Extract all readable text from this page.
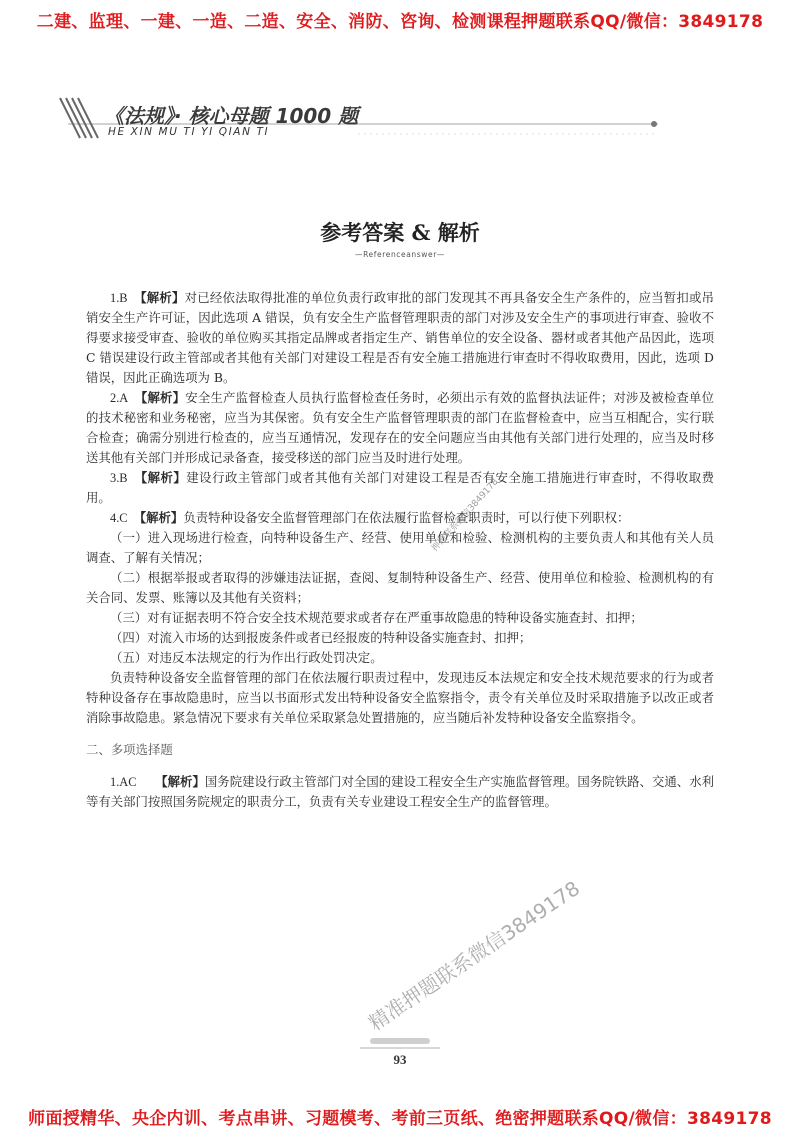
二建、监理、一建、一造、二造、安全、消防、咨询、检测课程押题联系QQ/微信：3849178
《法规》· 核心母题 1000 题
HE XIN MU TI YI QIAN TI
参考答案 & 解析
—Referenceanswer—

1.B　 【解析】对已经依法取得批准的单位负责行政审批的部门发现其不再具备安全生产条件的，应当暂扣或吊销安全生产许可证，因此选项 A 错误，负有安全生产监督管理职责的部门对涉及安全生产的事项进行审查、验收不得要求接受审查、验收的单位购买其指定品牌或者指定生产、销售单位的安全设备、器材或者其他产品因此，选项 C 错误建设行政主管部或者其他有关部门对建设工程是否有安全施工措施进行审查时不得收取费用，因此，选项 D 错误，因此正确选项为 B。

2.A　 【解析】安全生产监督检查人员执行监督检查任务时，必须出示有效的监督执法证件；对涉及被检查单位的技术秘密和业务秘密，应当为其保密。负有安全生产监督管理职责的部门在监督检查中，应当互相配合，实行联合检查；确需分别进行检查的，应当互通情况，发现存在的安全问题应当由其他有关部门进行处理的，应当及时移送其他有关部门并形成记录备查，接受移送的部门应当及时进行处理。

3.B　 【解析】建设行政主管部门或者其他有关部门对建设工程是否有安全施工措施进行审查时，不得收取费用。

4.C　 【解析】负责特种设备安全监督管理部门在依法履行监督检查职责时，可以行使下列职权：

（一）进入现场进行检查，向特种设备生产、经营、使用单位和检验、检测机构的主要负责人和其他有关人员调查、了解有关情况；

（二）根据举报或者取得的涉嫌违法证据，查阅、复制特种设备生产、经营、使用单位和检验、检测机构的有关合同、发票、账簿以及其他有关资料；

（三）对有证据表明不符合安全技术规范要求或者存在严重事故隐患的特种设备实施查封、扣押；

（四）对流入市场的达到报废条件或者已经报废的特种设备实施查封、扣押；

（五）对违反本法规定的行为作出行政处罚决定。

负责特种设备安全监督管理的部门在依法履行职责过程中，发现违反本法规定和安全技术规范要求的行为或者特种设备存在事故隐患时，应当以书面形式发出特种设备安全监察指令，责令有关单位及时采取措施予以改正或者消除事故隐患。紧急情况下要求有关单位采取紧急处置措施的，应当随后补发特种设备安全监察指令。

二、多项选择题

1.AC　　 【解析】国务院建设行政主管部门对全国的建设工程安全生产实施监督管理。国务院铁路、交通、水利等有关部门按照国务院规定的职责分工，负责有关专业建设工程安全生产的监督管理。

押题联系微信3849178
精准押题联系微信3849178
93
师面授精华、央企内训、考点串讲、习题模考、考前三页纸、绝密押题联系QQ/微信：3849178
